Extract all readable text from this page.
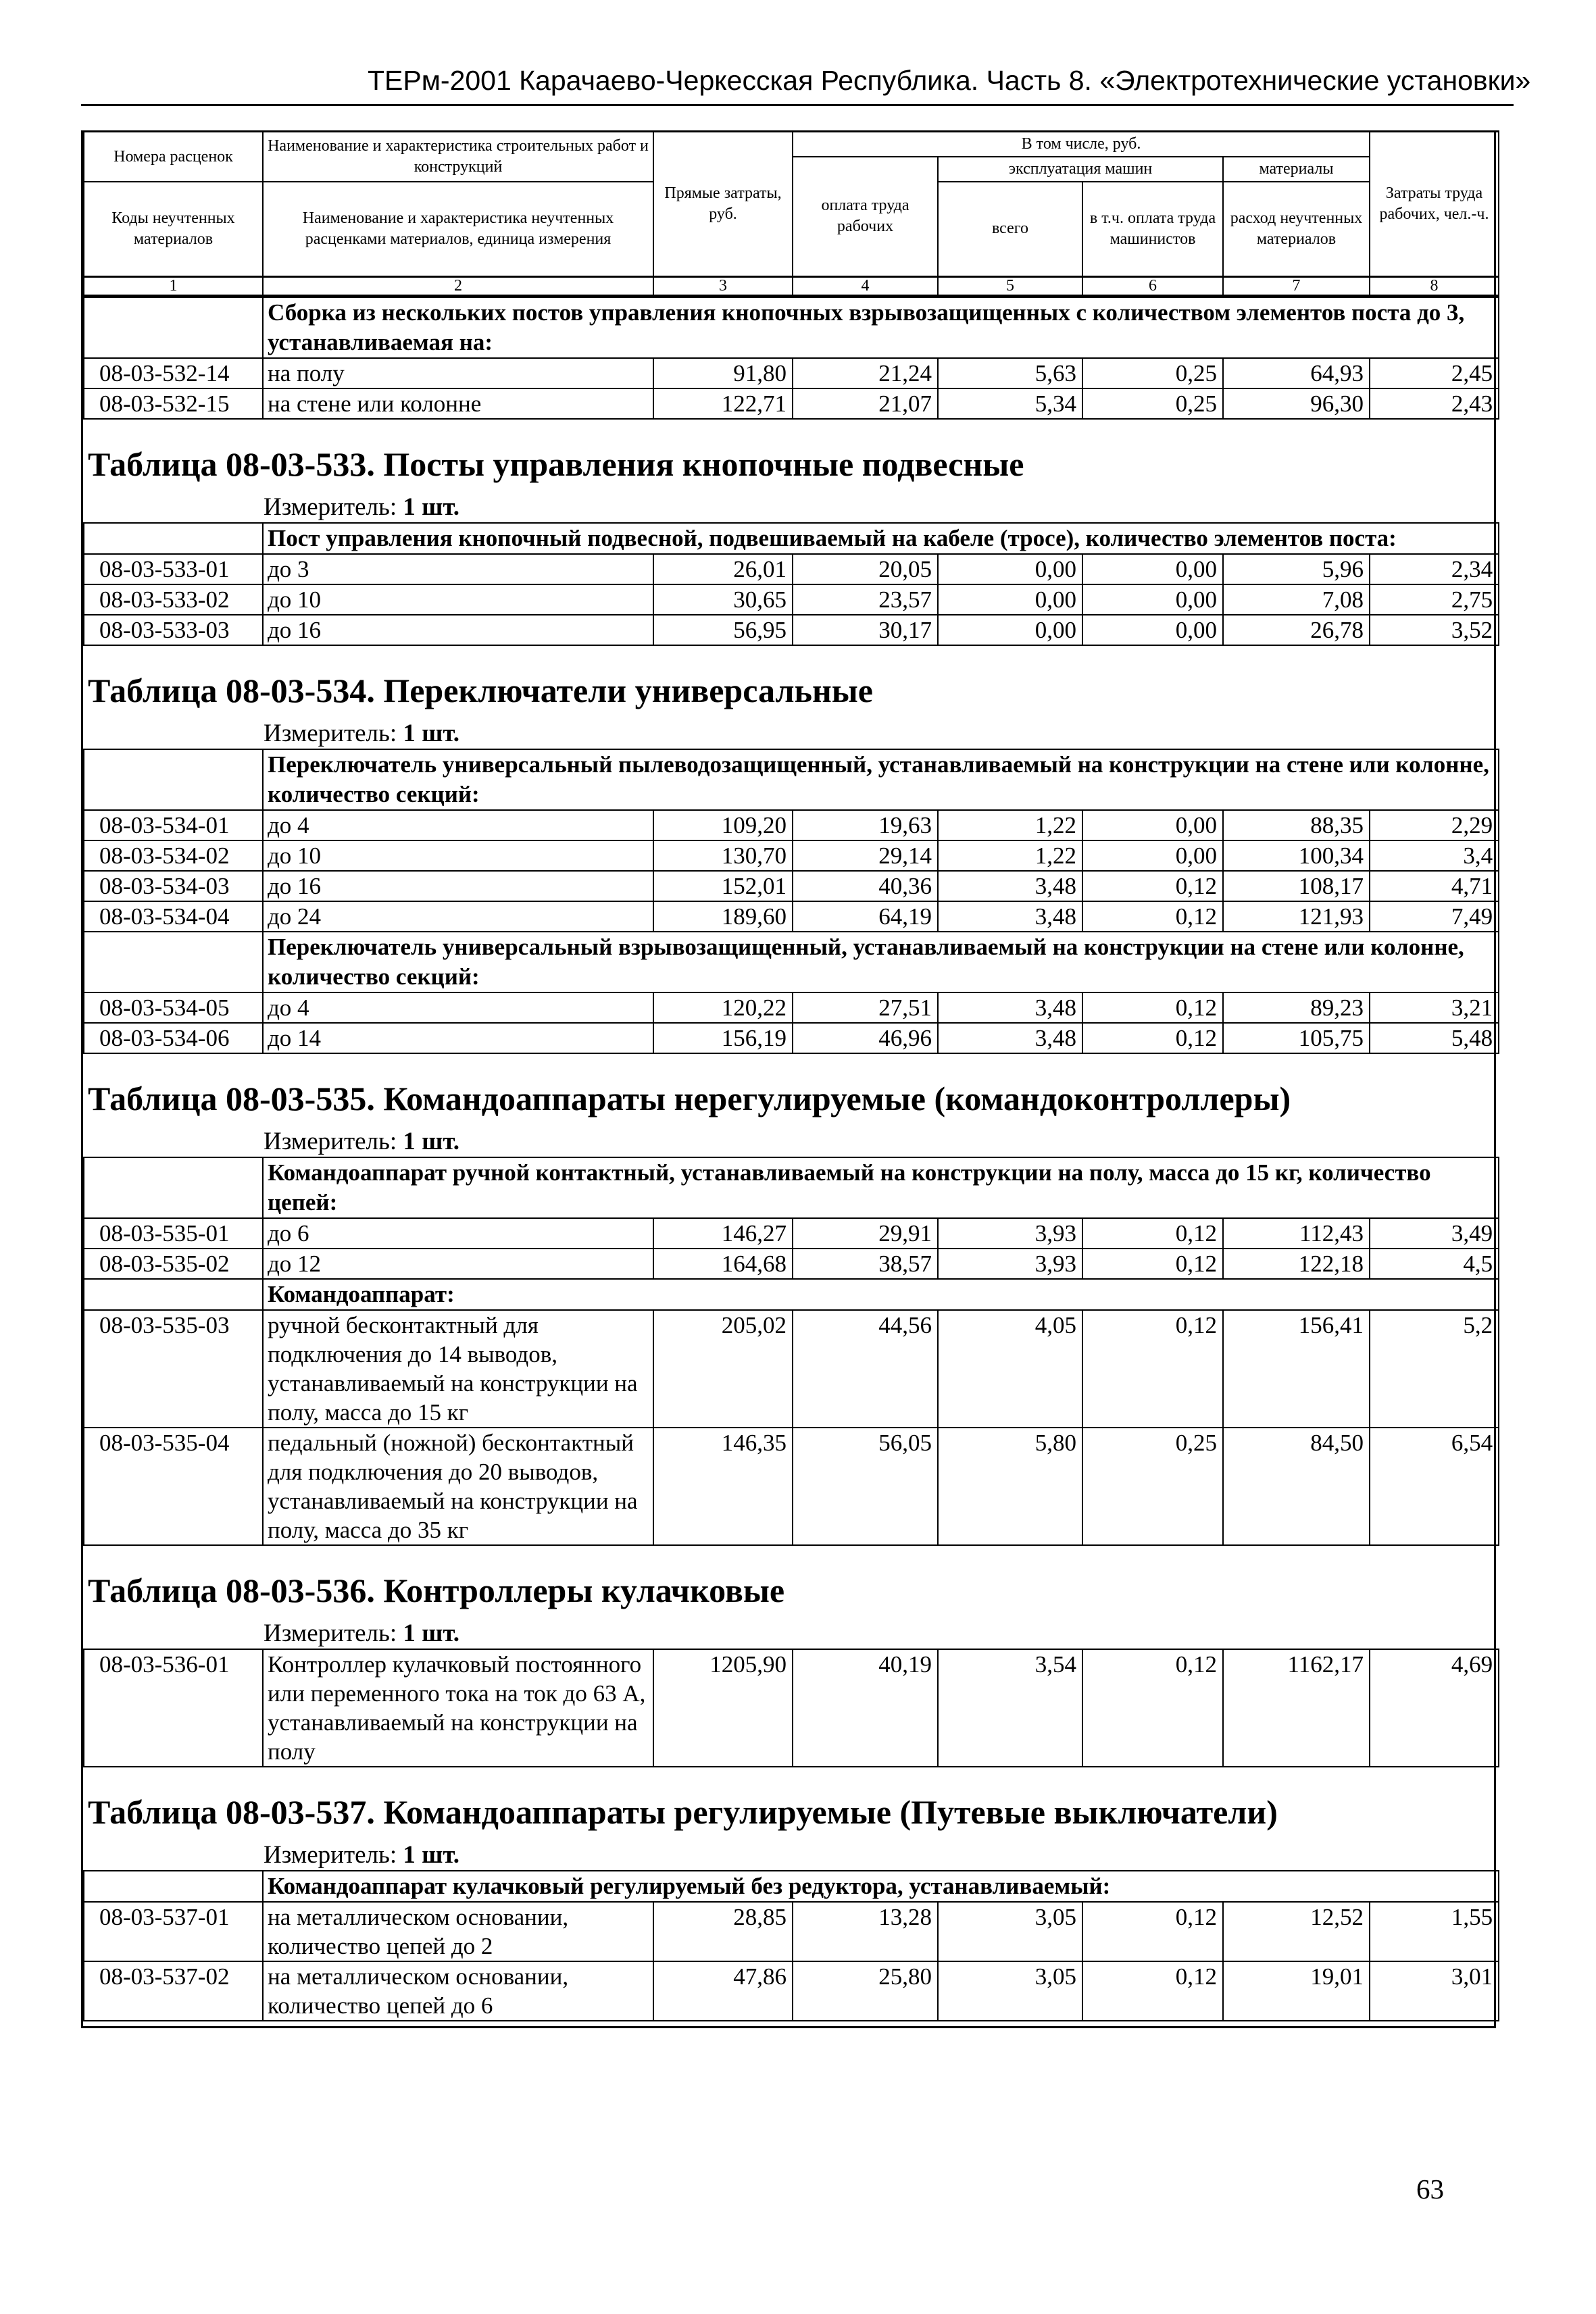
ТЕРм-2001 Карачаево-Черкесская Республика. Часть 8. «Электротехнические установки»
Номера расценок	Наименование и характеристика строительных работ и конструкций	Прямые затраты, руб.	В том числе, руб.				Затраты труда рабочих, чел.-ч.
			оплата труда рабочих	эксплуатация машин		материалы	
Коды неучтенных материалов	Наименование и характеристика неучтенных расценками материалов, единица измерения			всего	в т.ч. оплата труда машинистов	расход неучтенных материалов	

1	2	3	4	5	6	7	8
	Сборка из нескольких постов управления кнопочных взрывозащищенных с количеством элементов поста до 3, устанавливаемая на:						
08-03-532-14	на полу	91,80	21,24	5,63	0,25	64,93	2,45
08-03-532-15	на стене или колонне	122,71	21,07	5,34	0,25	96,30	2,43

Таблица 08-03-533. Посты управления кнопочные подвесные
Измеритель: 1 шт.							

	Пост управления кнопочный подвесной, подвешиваемый на кабеле (тросе), количество элементов поста:						
08-03-533-01	до 3	26,01	20,05	0,00	0,00	5,96	2,34
08-03-533-02	до 10	30,65	23,57	0,00	0,00	7,08	2,75
08-03-533-03	до 16	56,95	30,17	0,00	0,00	26,78	3,52

Таблица 08-03-534. Переключатели универсальные
Измеритель: 1 шт.							

	Переключатель универсальный пылеводозащищенный, устанавливаемый на конструкции на стене или колонне, количество секций:						
08-03-534-01	до 4	109,20	19,63	1,22	0,00	88,35	2,29
08-03-534-02	до 10	130,70	29,14	1,22	0,00	100,34	3,4
08-03-534-03	до 16	152,01	40,36	3,48	0,12	108,17	4,71
08-03-534-04	до 24	189,60	64,19	3,48	0,12	121,93	7,49
	Переключатель универсальный взрывозащищенный, устанавливаемый на конструкции на стене или колонне, количество секций:						
08-03-534-05	до 4	120,22	27,51	3,48	0,12	89,23	3,21
08-03-534-06	до 14	156,19	46,96	3,48	0,12	105,75	5,48

Таблица 08-03-535. Командоаппараты нерегулируемые (командоконтроллеры)
Измеритель: 1 шт.							

	Командоаппарат ручной контактный, устанавливаемый на конструкции на полу, масса до 15 кг, количество цепей:						
08-03-535-01	до 6	146,27	29,91	3,93	0,12	112,43	3,49
08-03-535-02	до 12	164,68	38,57	3,93	0,12	122,18	4,5
	Командоаппарат:						
08-03-535-03	ручной бесконтактный для подключения до 14 выводов, устанавливаемый на конструкции на полу, масса до 15 кг	205,02	44,56	4,05	0,12	156,41	5,2
08-03-535-04	педальный (ножной) бесконтактный для подключения до 20 выводов, устанавливаемый на конструкции на полу, масса до 35 кг	146,35	56,05	5,80	0,25	84,50	6,54

Таблица 08-03-536. Контроллеры кулачковые
Измеритель: 1 шт.							

08-03-536-01	Контроллер кулачковый постоянного или переменного тока на ток до 63 А, устанавливаемый на конструкции на полу	1205,90	40,19	3,54	0,12	1162,17	4,69

Таблица 08-03-537. Командоаппараты регулируемые (Путевые выключатели)
Измеритель: 1 шт.							

	Командоаппарат кулачковый регулируемый без редуктора, устанавливаемый:						
08-03-537-01	на металлическом основании, количество цепей до 2	28,85	13,28	3,05	0,12	12,52	1,55
08-03-537-02	на металлическом основании, количество цепей до 6	47,86	25,80	3,05	0,12	19,01	3,01

63
